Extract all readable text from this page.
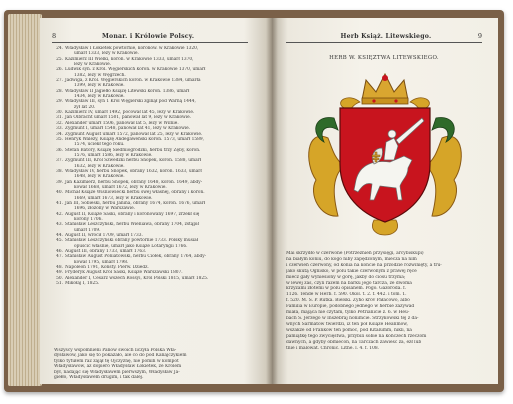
8	Monar. i Królowie Polscy.
24. Władysław I Łokietek powtórnie, koronow. w Krakowie 1320,
umarł 1333, leży w Krakowie.
25. Kazimierz III Wielki, koron. w Krakowie 1333, umarł 1370,
leży w Krakowie.
26. Ludwik syn. z Król. Węgierskich koron. w Krakowie 1370, umarł
1382, leży w Węgrzech.
27. Jadwiga, z Król. Węgierskich koron. w Krakowie 1384, umarła
1399, leży w Krakowie.
28. Władysław II Jagiełło Książę Litewski koron. 1386, umarł
1434, leży w Krakowie.
29. Władysław III, syn 1 Król Węgierski zginął pod Warną 1444,
żył lat 20.
30. Kazimierz IV, umarł 1492, pocował lat 45, leży w Krakowie.
31. Jan Olbracht umarł 1501, panował lat 9, leży w Krakowie.
32. Alexander umarł 1506, panował lat 5, leży w Wilnie.
33. Zygmunt I, umarł 1548, panował lat 41, leży w Krakowie.
34. Zygmunt August umarł 1572, panował lat 25, leży w Krakowie.
35. Henryk Walezy, Książę Andegaweński koron. 1573, umarł 1589,
1574, uciekł tego roku.
36. Stefan Batory, Książę Siedmiogrodzki, herbu trzy Zęby, koron.
1576, umarł 1586, leży w Krakowie.
37. Zygmunt III, Król Szwedzki herbu Snopek, koron. 1588, umarł
1632, leży w Krakowie.
38. Władysław IV, herbu Snopek, obrany 1632, koron. 1633, umarł
1648, leży w Krakowie.
39. Jan Kazimierz, herbu Snopek, obrany 1648, koron. 1649, abdy-
kował 1668, umarł 1672, leży w Krakowie.
40. Michał Książe Wiśniowiecki herbu swej własnej, obrany i koron.
1669, umarł 1673, leży w Krakowie.
41. Jan III, Sobieski, herbu Janina, obrany 1674, koron. 1676, umarł
1696, złożony w Warszawie.
42. August II, Książe Saski, obrany i koronowany 1697, zrzekł się
korony 1706.
43. Stanisław Leszczyński, herbu Wieniawa, obrany 1704, zstąpił
umarł 1709.
44. August II, wrócił 1709, umarł 1733.
45. Stanisław Leszczyński obrany powtórnie 1733. Polsky musiał
opuścić właśnie, umarł jako Książe Lotaryngii 1766.
46. August III, obrany 1733, umarł 1763.
47. Stanisław August Poniatowski, herbu Ciołek, obrany 1764, abdy-
kował 1795, umarł 1798.
48. Napoleon 1791, Konsty. Pierw. Dziedz.
49. Fryderyk August Król Saski, Książe Warszawski 1807.
50. Alexander I, Cesarz wszech Rossyi, Król Polski 1815, umarł 1825.
51. Mikołaj I, 1825.
Wszyscy wspomnieni Panów swoich liczyła Polska Wła-
dysławów, jako się to pokazało, ale co do pod Kanajczykiem
tylko tytułem raz zajął tę Ojczyznę, nie pomiń w kompot
Władysławów, aż dopiero Władysław Łokietek, ze Królem
był, nadając się Władysławem pierwszym, Władysław Ja-
giełło, Władysławem drugim, i tak dalej.
Herb Książ. Litewskiego.	9
HERB W. KSIĘZTWA LITEWSKIEGO.
Mai skrzydło w czerwone (Potrzeznień przysięgi, arcybiskupi)
na białym koniu, do kogo niby zapędzonym, miecza na nim
i czerwień czerwony, od konia na koncie na przodzie rozwinięty, a tru-
jako skutą Ognisko, w polu takie czerwonym z prawej ręce
miecz gały wyniesiony w górę, jakby do ciosu trzyma;
w lewej zaś, czyli razem na barku jego tarcza, ze dwoma
krzyżami złotemi w polu opisanem. Pogo. Gazoroda. f.
1126. Tende w Herb. f. 590. Okol. t. 2. f. 442. i tom. 1.
f. 520. M. S. P. Rutka. Bielski. Żyho króv Pałacowo, albo
Familia w Europie, podobnego jednego w herbie zażywad
miała, mająca nie czytam, tylko Petrianicie z. 6. w Heu-
bach S. Jerzego w Inszebraj nonimcie. Strzykowski tej z da-
wnych Sarmatów twierdzi, iż ten pół Książe Heanmow,
wszakże od Franków ten pomoc, pod Kitalumm, nikli, na
pamiątkę tego zwycięstwa, przybili sobie na kończech rzeczom
dawnych, a gdyby obmiecon, na Tarczach zawieść za, ezł lub
tnie i malowat. Chronic. Lithe. l. 4. f. 108.
